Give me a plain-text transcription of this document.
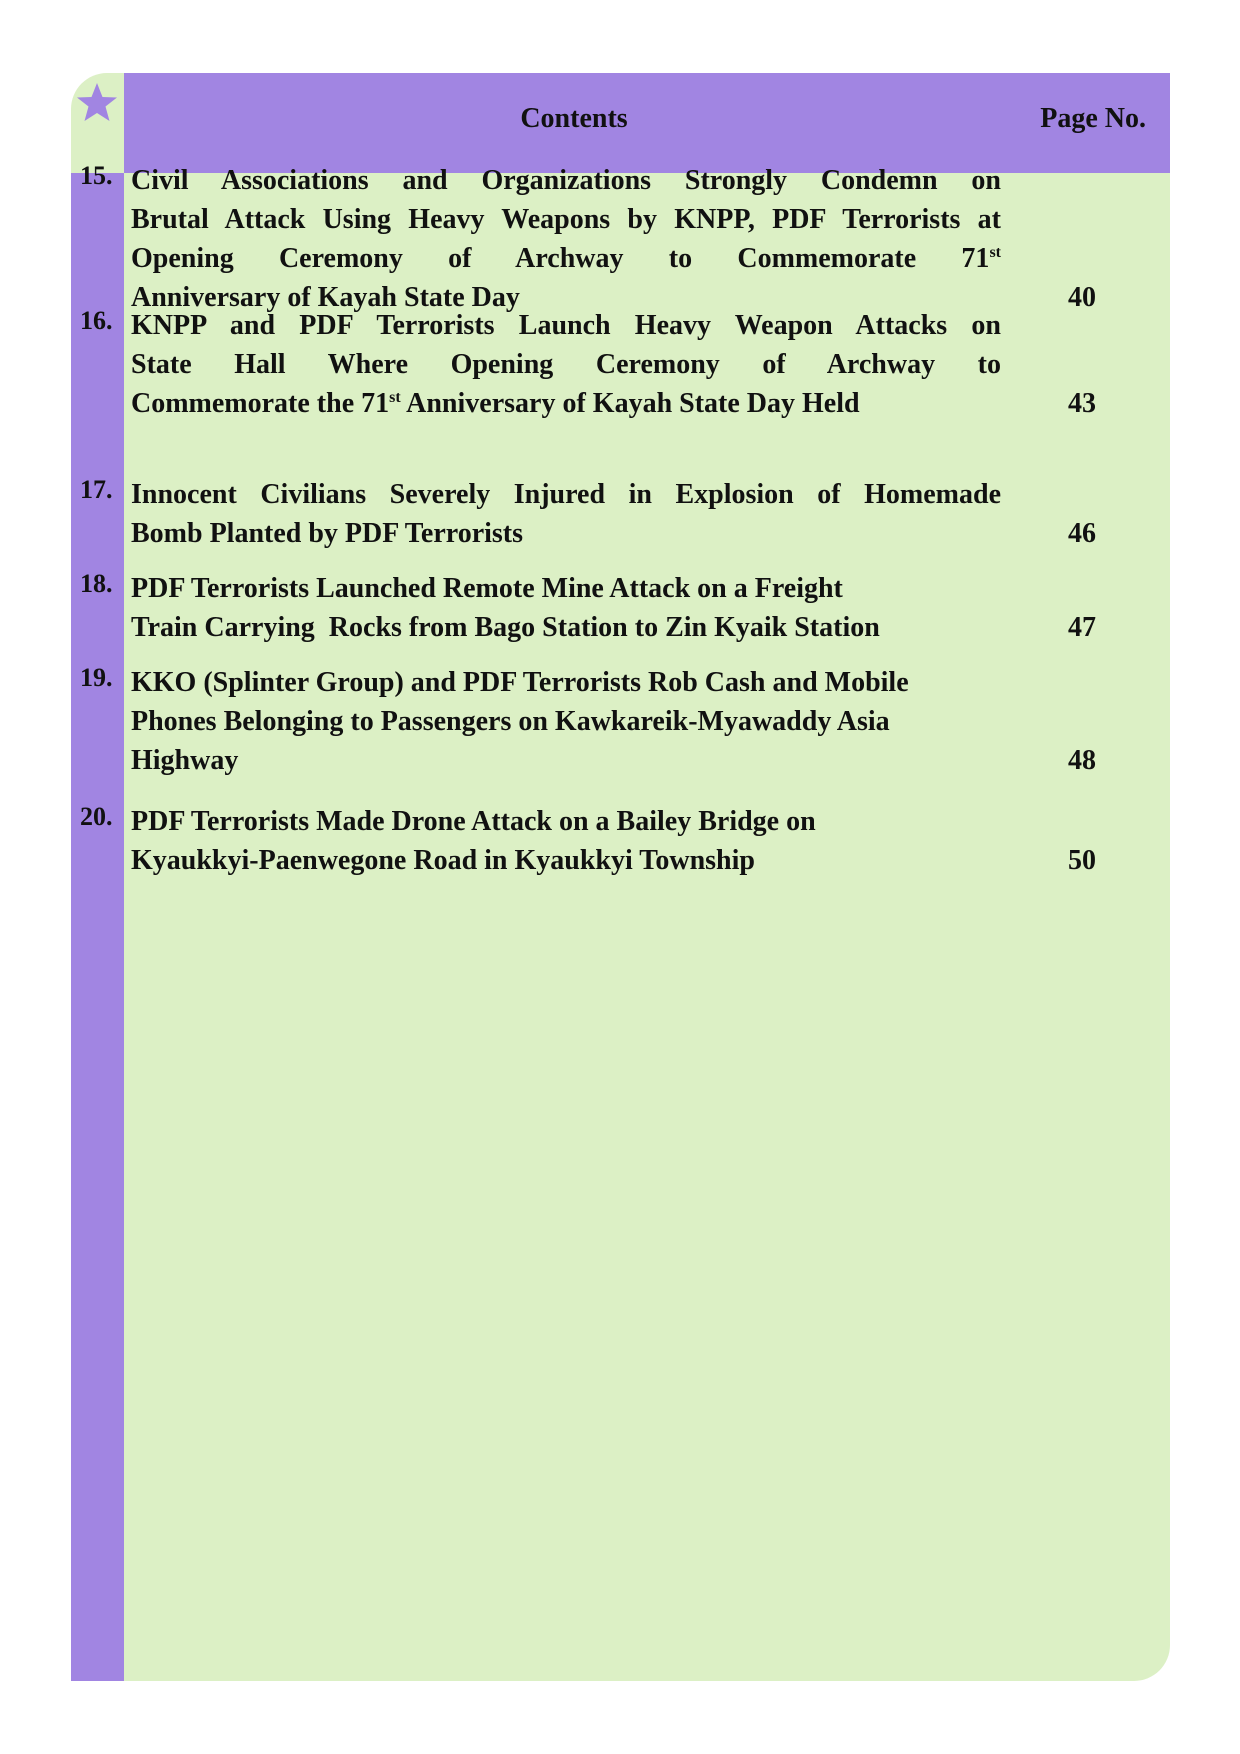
Contents	Page No.
15. Civil Associations and Organizations Strongly Condemn on
Brutal Attack Using Heavy Weapons by KNPP, PDF Terrorists at
Opening Ceremony of Archway to Commemorate 71st
Anniversary of Kayah State Day	40
16. KNPP and PDF Terrorists Launch Heavy Weapon Attacks on
State Hall Where Opening Ceremony of Archway to
Commemorate the 71st Anniversary of Kayah State Day Held	43
17. Innocent Civilians Severely Injured in Explosion of Homemade
Bomb Planted by PDF Terrorists	46
18. PDF Terrorists Launched Remote Mine Attack on a Freight
Train Carrying  Rocks from Bago Station to Zin Kyaik Station	47
19. KKO (Splinter Group) and PDF Terrorists Rob Cash and Mobile
Phones Belonging to Passengers on Kawkareik-Myawaddy Asia
Highway	48
20. PDF Terrorists Made Drone Attack on a Bailey Bridge on
Kyaukkyi-Paenwegone Road in Kyaukkyi Township	50
